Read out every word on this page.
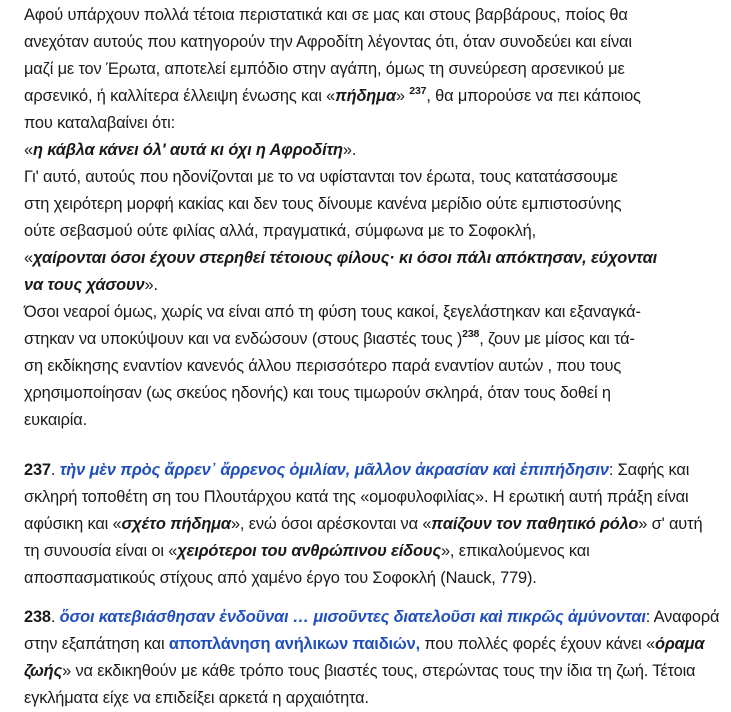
Αφού υπάρχουν πολλά τέτοια περιστατικά και σε μας και στους βαρβάρους, ποίος θα
ανεχόταν αυτούς που κατηγορούν την Αφροδίτη λέγοντας ότι, όταν συνοδεύει και είναι
μαζί με τον Έρωτα, αποτελεί εμπόδιο στην αγάπη, όμως τη συνεύρεση αρσενικού με
αρσενικό, ή καλλίτερα έλλειψη ένωσης και «πήδημα» $^{237}$, θα μπορούσε να πει κάποιος
που καταλαβαίνει ότι:
«η κάβλα κάνει όλ' αυτά κι όχι η Αφροδίτη».
Γι' αυτό, αυτούς που ηδονίζονται με το να υφίστανται τον έρωτα, τους κατατάσσουμε
στη χειρότερη μορφή κακίας και δεν τους δίνουμε κανένα μερίδιο ούτε εμπιστοσύνης
ούτε σεβασμού ούτε φιλίας αλλά, πραγματικά, σύμφωνα με το Σοφοκλή,
«χαίρονται όσοι έχουν στερηθεί τέτοιους φίλους· κι όσοι πάλι απόκτησαν, εύχονται
να τους χάσουν».
Όσοι νεαροί όμως, χωρίς να είναι από τη φύση τους κακοί, ξεγελάστηκαν και εξαναγκά-
στηκαν να υποκύψουν και να ενδώσουν (στους βιαστές τους )$^{238}$, ζουν με μίσος και τά-
ση εκδίκησης εναντίον κανενός άλλου περισσότερο παρά εναντίον αυτών , που τους
χρησιμοποίησαν (ως σκεύος ηδονής) και τους τιμωρούν σκληρά, όταν τους δοθεί η
ευκαιρία.
237. τὴν μὲν πρὸς ἄρρεν᾽ ἄρρενος ὁμιλίαν, μᾶλλον ἀκρασίαν καὶ ἐπιπήδησιν: Σαφής και
σκληρή τοποθέτη ση του Πλουτάρχου κατά της «ομοφυλοφιλίας». Η ερωτική αυτή πράξη είναι
αφύσικη και «σχέτο πήδημα», ενώ όσοι αρέσκονται να «παίζουν τον παθητικό ρόλο» σ' αυτή
τη συνουσία είναι οι «χειρότεροι του ανθρώπινου είδους», επικαλούμενος και
αποσπασματικούς στίχους από χαμένο έργο του Σοφοκλή (Nauck, 779).
238. ὅσοι κατεβιάσθησαν ἐνδοῦναι … μισοῦντες διατελοῦσι καὶ πικρῶς ἀμύνονται: Αναφορά
στην εξαπάτηση και αποπλάνηση ανήλικων παιδιών, που πολλές φορές έχουν κάνει «όραμα
ζωής» να εκδικηθούν με κάθε τρόπο τους βιαστές τους, στερώντας τους την ίδια τη ζωή. Τέτοια
εγκλήματα είχε να επιδείξει αρκετά η αρχαιότητα.
